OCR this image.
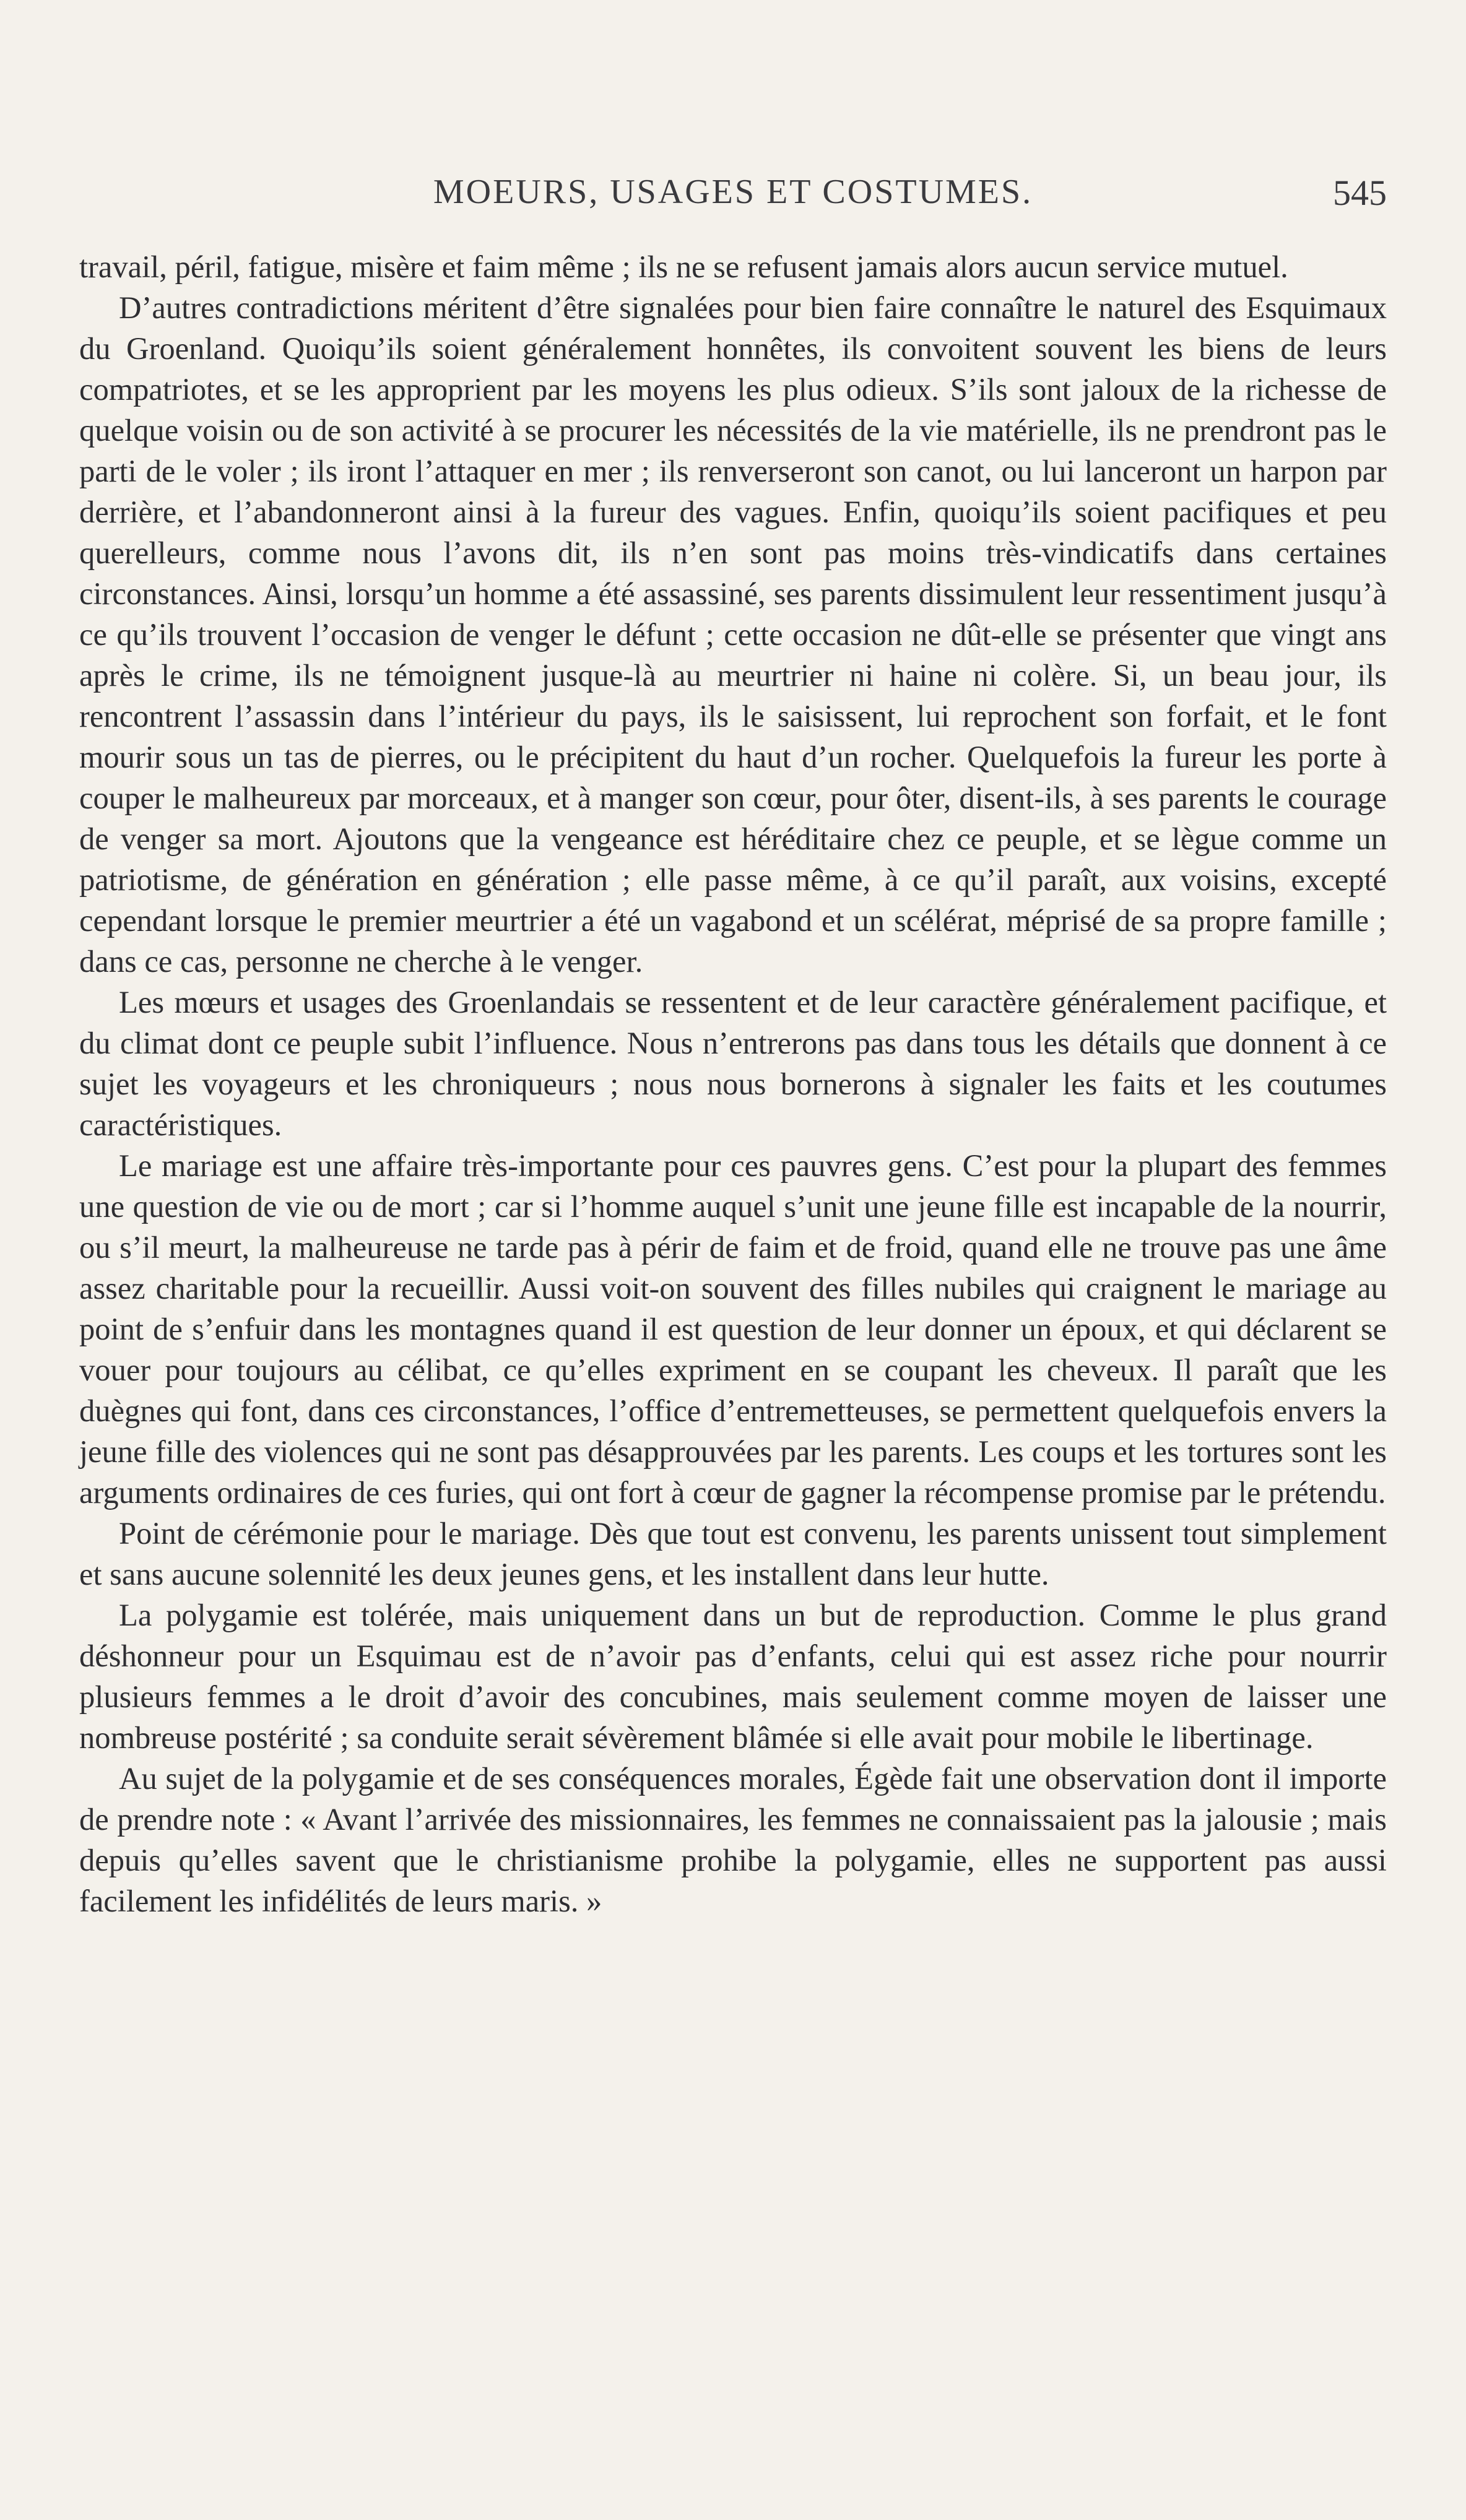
MOEURS, USAGES ET COSTUMES.	545

travail, péril, fatigue, misère et faim même ; ils ne se refusent jamais alors aucun service mutuel.

D’autres contradictions méritent d’être signalées pour bien faire connaître le naturel des Esquimaux du Groenland. Quoiqu’ils soient généralement honnêtes, ils convoitent souvent les biens de leurs compatriotes, et se les approprient par les moyens les plus odieux. S’ils sont jaloux de la richesse de quelque voisin ou de son activité à se procurer les nécessités de la vie matérielle, ils ne prendront pas le parti de le voler ; ils iront l’attaquer en mer ; ils renverseront son canot, ou lui lanceront un harpon par derrière, et l’abandonneront ainsi à la fureur des vagues. Enfin, quoiqu’ils soient pacifiques et peu querelleurs, comme nous l’avons dit, ils n’en sont pas moins très-vindicatifs dans certaines circonstances. Ainsi, lorsqu’un homme a été assassiné, ses parents dissimulent leur ressentiment jusqu’à ce qu’ils trouvent l’occasion de venger le défunt ; cette occasion ne dût-elle se présenter que vingt ans après le crime, ils ne témoignent jusque-là au meurtrier ni haine ni colère. Si, un beau jour, ils rencontrent l’assassin dans l’intérieur du pays, ils le saisissent, lui reprochent son forfait, et le font mourir sous un tas de pierres, ou le précipitent du haut d’un rocher. Quelquefois la fureur les porte à couper le malheureux par morceaux, et à manger son cœur, pour ôter, disent-ils, à ses parents le courage de venger sa mort. Ajoutons que la vengeance est héréditaire chez ce peuple, et se lègue comme un patriotisme, de génération en génération ; elle passe même, à ce qu’il paraît, aux voisins, excepté cependant lorsque le premier meurtrier a été un vagabond et un scélérat, méprisé de sa propre famille ; dans ce cas, personne ne cherche à le venger.

Les mœurs et usages des Groenlandais se ressentent et de leur caractère généralement pacifique, et du climat dont ce peuple subit l’influence. Nous n’entrerons pas dans tous les détails que donnent à ce sujet les voyageurs et les chroniqueurs ; nous nous bornerons à signaler les faits et les coutumes caractéristiques.

Le mariage est une affaire très-importante pour ces pauvres gens. C’est pour la plupart des femmes une question de vie ou de mort ; car si l’homme auquel s’unit une jeune fille est incapable de la nourrir, ou s’il meurt, la malheureuse ne tarde pas à périr de faim et de froid, quand elle ne trouve pas une âme assez charitable pour la recueillir. Aussi voit-on souvent des filles nubiles qui craignent le mariage au point de s’enfuir dans les montagnes quand il est question de leur donner un époux, et qui déclarent se vouer pour toujours au célibat, ce qu’elles expriment en se coupant les cheveux. Il paraît que les duègnes qui font, dans ces circonstances, l’office d’entremetteuses, se permettent quelquefois envers la jeune fille des violences qui ne sont pas désapprouvées par les parents. Les coups et les tortures sont les arguments ordinaires de ces furies, qui ont fort à cœur de gagner la récompense promise par le prétendu.

Point de cérémonie pour le mariage. Dès que tout est convenu, les parents unissent tout simplement et sans aucune solennité les deux jeunes gens, et les installent dans leur hutte.

La polygamie est tolérée, mais uniquement dans un but de reproduction. Comme le plus grand déshonneur pour un Esquimau est de n’avoir pas d’enfants, celui qui est assez riche pour nourrir plusieurs femmes a le droit d’avoir des concubines, mais seulement comme moyen de laisser une nombreuse postérité ; sa conduite serait sévèrement blâmée si elle avait pour mobile le libertinage.

Au sujet de la polygamie et de ses conséquences morales, Égède fait une observation dont il importe de prendre note : « Avant l’arrivée des missionnaires, les femmes ne connaissaient pas la jalousie ; mais depuis qu’elles savent que le christianisme prohibe la polygamie, elles ne supportent pas aussi facilement les infidélités de leurs maris. »
